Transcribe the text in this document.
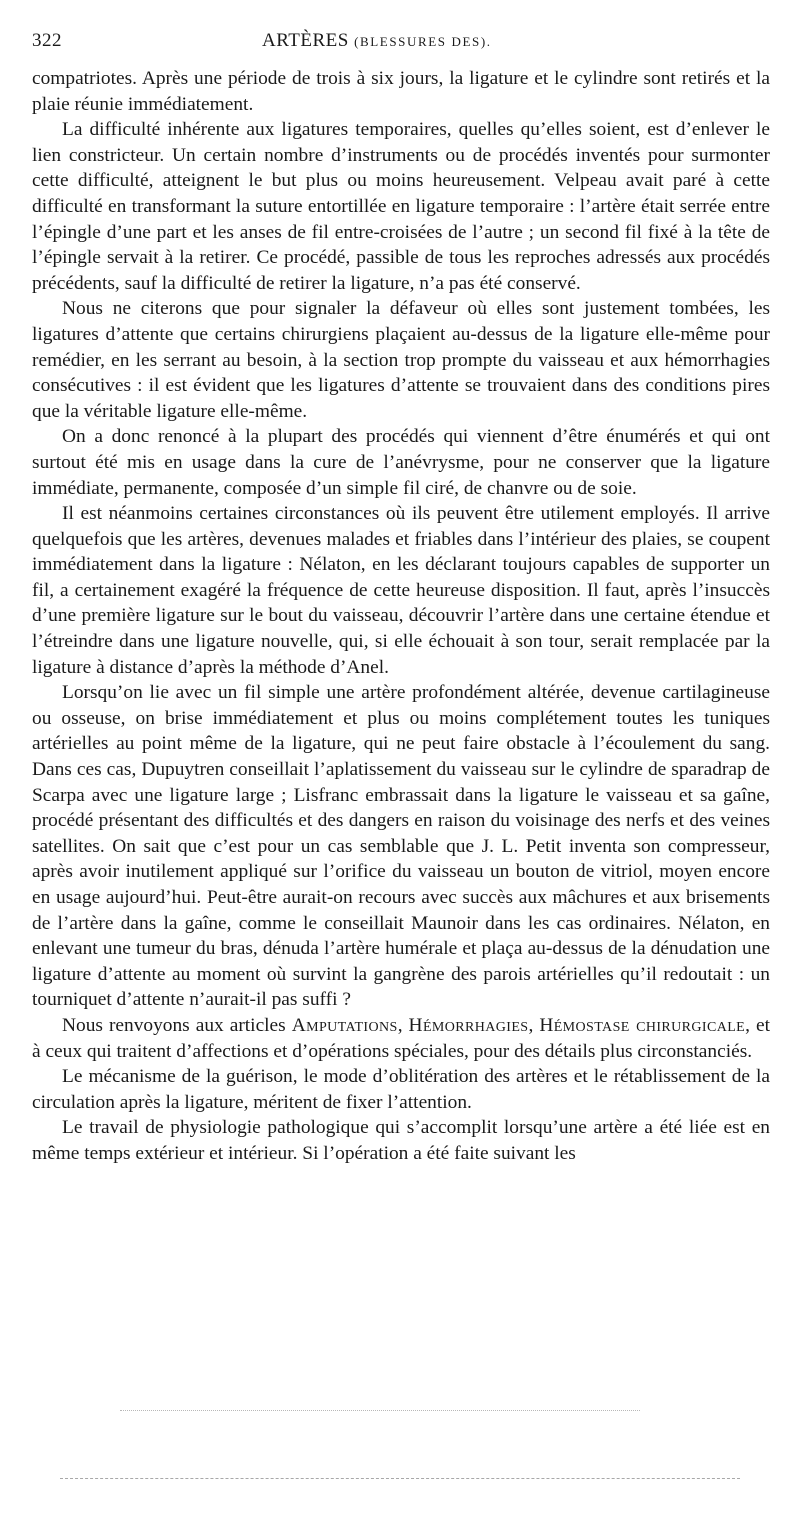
322	ARTÈRES (BLESSURES DES).

compatriotes. Après une période de trois à six jours, la ligature et le cylindre sont retirés et la plaie réunie immédiatement.

La difficulté inhérente aux ligatures temporaires, quelles qu’elles soient, est d’enlever le lien constricteur. Un certain nombre d’instruments ou de procédés inventés pour surmonter cette difficulté, atteignent le but plus ou moins heureusement. Velpeau avait paré à cette difficulté en transformant la suture entortillée en ligature temporaire : l’artère était serrée entre l’épingle d’une part et les anses de fil entre-croisées de l’autre ; un second fil fixé à la tête de l’épingle servait à la retirer. Ce procédé, passible de tous les reproches adressés aux procédés précédents, sauf la difficulté de retirer la ligature, n’a pas été conservé.

Nous ne citerons que pour signaler la défaveur où elles sont justement tombées, les ligatures d’attente que certains chirurgiens plaçaient au-dessus de la ligature elle-même pour remédier, en les serrant au besoin, à la section trop prompte du vaisseau et aux hémorrhagies consécutives : il est évident que les ligatures d’attente se trouvaient dans des conditions pires que la véritable ligature elle-même.

On a donc renoncé à la plupart des procédés qui viennent d’être énumérés et qui ont surtout été mis en usage dans la cure de l’anévrysme, pour ne conserver que la ligature immédiate, permanente, composée d’un simple fil ciré, de chanvre ou de soie.

Il est néanmoins certaines circonstances où ils peuvent être utilement employés. Il arrive quelquefois que les artères, devenues malades et friables dans l’intérieur des plaies, se coupent immédiatement dans la ligature : Nélaton, en les déclarant toujours capables de supporter un fil, a certainement exagéré la fréquence de cette heureuse disposition. Il faut, après l’insuccès d’une première ligature sur le bout du vaisseau, découvrir l’artère dans une certaine étendue et l’étreindre dans une ligature nouvelle, qui, si elle échouait à son tour, serait remplacée par la ligature à distance d’après la méthode d’Anel.

Lorsqu’on lie avec un fil simple une artère profondément altérée, devenue cartilagineuse ou osseuse, on brise immédiatement et plus ou moins complétement toutes les tuniques artérielles au point même de la ligature, qui ne peut faire obstacle à l’écoulement du sang. Dans ces cas, Dupuytren conseillait l’aplatissement du vaisseau sur le cylindre de sparadrap de Scarpa avec une ligature large ; Lisfranc embrassait dans la ligature le vaisseau et sa gaîne, procédé présentant des difficultés et des dangers en raison du voisinage des nerfs et des veines satellites. On sait que c’est pour un cas semblable que J. L. Petit inventa son compresseur, après avoir inutilement appliqué sur l’orifice du vaisseau un bouton de vitriol, moyen encore en usage aujourd’hui. Peut-être aurait-on recours avec succès aux mâchures et aux brisements de l’artère dans la gaîne, comme le conseillait Maunoir dans les cas ordinaires. Nélaton, en enlevant une tumeur du bras, dénuda l’artère humérale et plaça au-dessus de la dénudation une ligature d’attente au moment où survint la gangrène des parois artérielles qu’il redoutait : un tourniquet d’attente n’aurait-il pas suffi ?

Nous renvoyons aux articles Amputations, Hémorrhagies, Hémostase chirurgicale, et à ceux qui traitent d’affections et d’opérations spéciales, pour des détails plus circonstanciés.

Le mécanisme de la guérison, le mode d’oblitération des artères et le rétablissement de la circulation après la ligature, méritent de fixer l’attention.

Le travail de physiologie pathologique qui s’accomplit lorsqu’une artère a été liée est en même temps extérieur et intérieur. Si l’opération a été faite suivant les
